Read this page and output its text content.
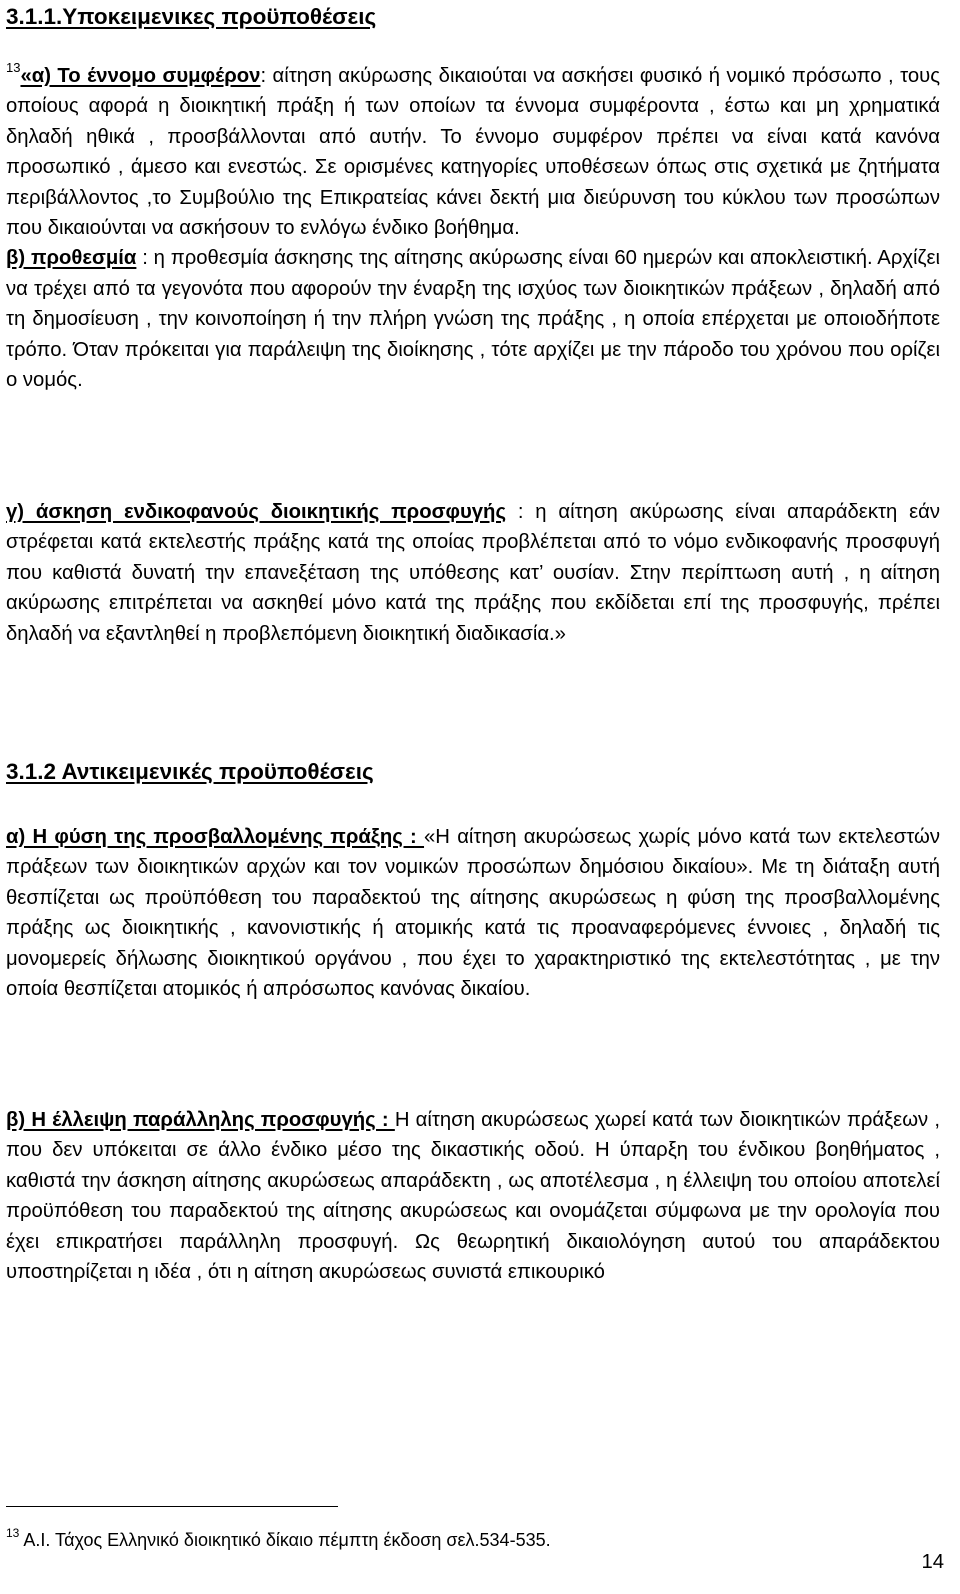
3.1.1.Υποκειμενικες προϋποθέσεις

$^{13}$«α) Το έννομο συμφέρον: αίτηση ακύρωσης δικαιούται να ασκήσει φυσικό ή νομικό πρόσωπο , τους οποίους αφορά η διοικητική πράξη ή των οποίων τα έννομα συμφέροντα , έστω και μη χρηματικά δηλαδή ηθικά , προσβάλλονται από αυτήν. Το έννομο συμφέρον πρέπει να είναι κατά κανόνα προσωπικό , άμεσο και ενεστώς. Σε ορισμένες κατηγορίες υποθέσεων όπως στις σχετικά με ζητήματα περιβάλλοντος ,το Συμβούλιο της Επικρατείας κάνει δεκτή μια διεύρυνση του κύκλου των προσώπων που δικαιούνται να ασκήσουν το ενλόγω ένδικο βοήθημα.
β) προθεσμία : η προθεσμία άσκησης της αίτησης ακύρωσης είναι 60 ημερών και αποκλειστική. Αρχίζει να τρέχει από τα γεγονότα που αφορούν την έναρξη της ισχύος των διοικητικών πράξεων , δηλαδή από τη δημοσίευση , την κοινοποίηση ή την πλήρη γνώση της πράξης , η οποία επέρχεται με οποιοδήποτε τρόπο. Όταν πρόκειται για παράλειψη της διοίκησης , τότε αρχίζει με την πάροδο του χρόνου που ορίζει ο νομός.

γ) άσκηση ενδικοφανούς διοικητικής προσφυγής : η αίτηση ακύρωσης είναι απαράδεκτη εάν στρέφεται κατά εκτελεστής πράξης κατά της οποίας προβλέπεται από το νόμο ενδικοφανής προσφυγή που καθιστά δυνατή την επανεξέταση της υπόθεσης κατ’ ουσίαν. Στην περίπτωση αυτή , η αίτηση ακύρωσης επιτρέπεται να ασκηθεί μόνο κατά της πράξης που εκδίδεται επί της προσφυγής, πρέπει δηλαδή να εξαντληθεί η προβλεπόμενη διοικητική διαδικασία.»

3.1.2 Αντικειμενικές προϋποθέσεις

α) Η φύση της προσβαλλομένης πράξης : «Η αίτηση ακυρώσεως χωρίς μόνο κατά των εκτελεστών πράξεων των διοικητικών αρχών και τον νομικών προσώπων δημόσιου δικαίου». Με τη διάταξη αυτή θεσπίζεται ως προϋπόθεση του παραδεκτού της αίτησης ακυρώσεως η φύση της προσβαλλομένης πράξης ως διοικητικής , κανονιστικής ή ατομικής κατά τις προαναφερόμενες έννοιες , δηλαδή τις μονομερείς δήλωσης διοικητικού οργάνου , που έχει το χαρακτηριστικό της εκτελεστότητας , με την οποία θεσπίζεται ατομικός ή απρόσωπος κανόνας δικαίου.

β) Η έλλειψη παράλληλης προσφυγής : Η αίτηση ακυρώσεως χωρεί κατά των διοικητικών πράξεων , που δεν υπόκειται σε άλλο ένδικο μέσο της δικαστικής οδού. Η ύπαρξη του ένδικου βοηθήματος , καθιστά την άσκηση αίτησης ακυρώσεως απαράδεκτη , ως αποτέλεσμα , η έλλειψη του οποίου αποτελεί προϋπόθεση του παραδεκτού της αίτησης ακυρώσεως και ονομάζεται σύμφωνα με την ορολογία που έχει επικρατήσει παράλληλη προσφυγή. Ως θεωρητική δικαιολόγηση αυτού του απαράδεκτου υποστηρίζεται η ιδέα , ότι η αίτηση ακυρώσεως συνιστά επικουρικό

$^{13}$ Α.Ι. Τάχος Ελληνικό διοικητικό δίκαιο πέμπτη έκδοση σελ.534-535.
14
